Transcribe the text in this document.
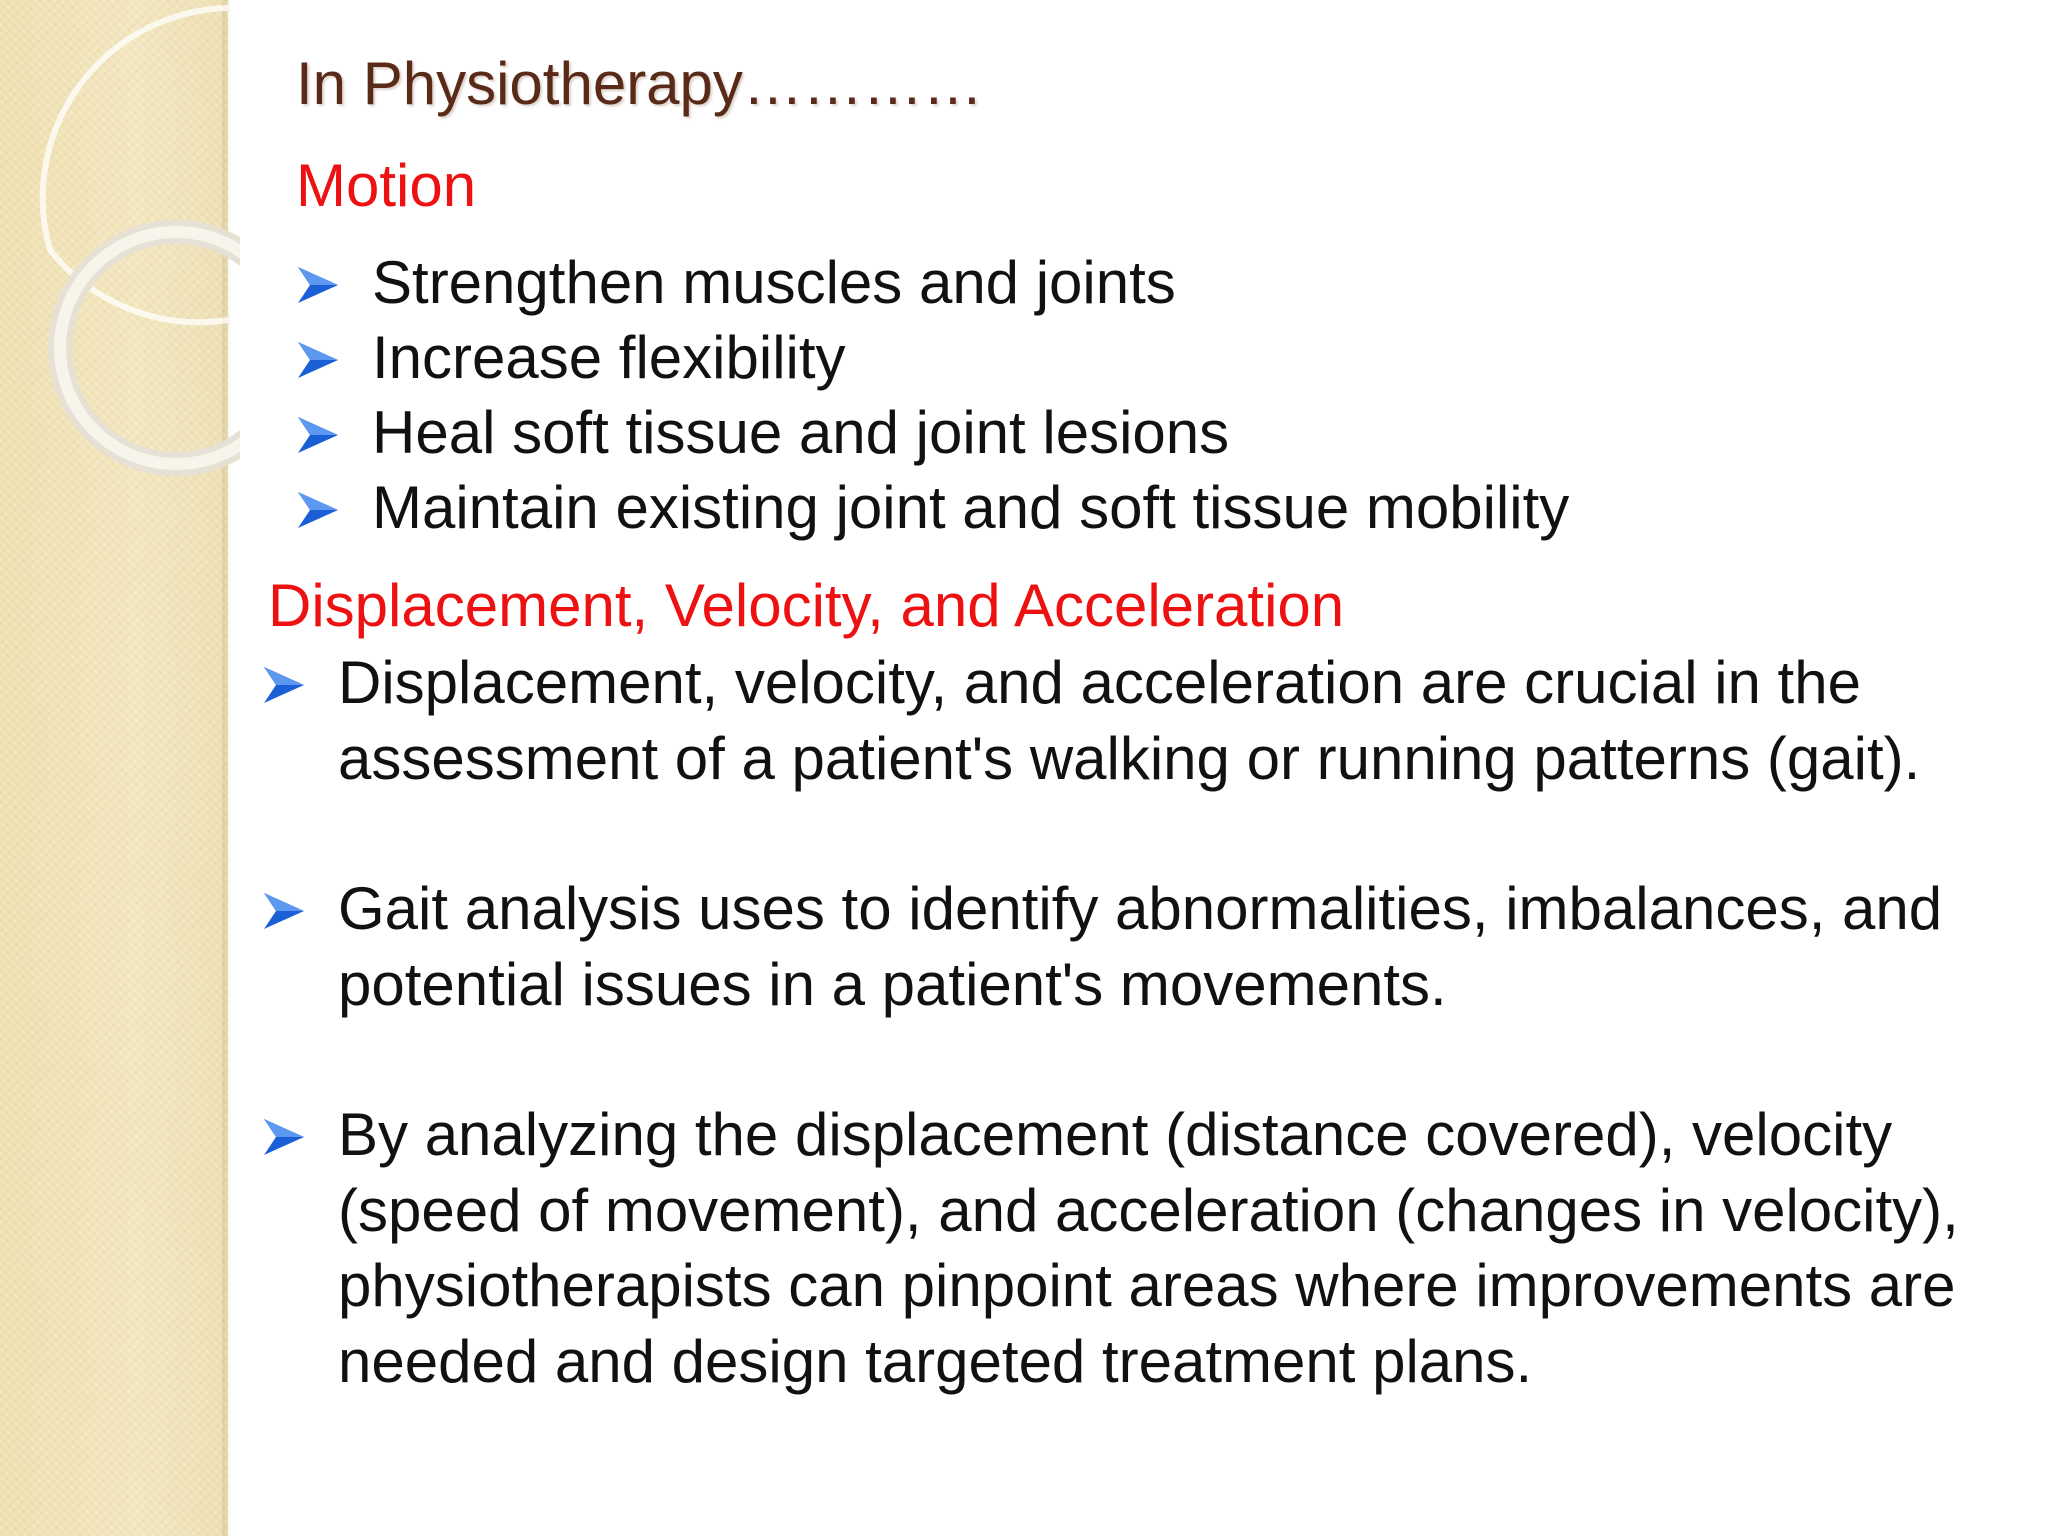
In Physiotherapy…………
Motion
Strengthen muscles and joints
Increase flexibility
Heal soft tissue and joint lesions
Maintain existing joint and soft tissue mobility
Displacement, Velocity, and Acceleration
Displacement, velocity, and acceleration are crucial in the assessment of a patient's walking or running patterns (gait).
Gait analysis uses to identify abnormalities, imbalances, and potential issues in a patient's movements.
By analyzing the displacement (distance covered), velocity (speed of movement), and acceleration (changes in velocity), physiotherapists can pinpoint areas where improvements are needed and design targeted treatment plans.
